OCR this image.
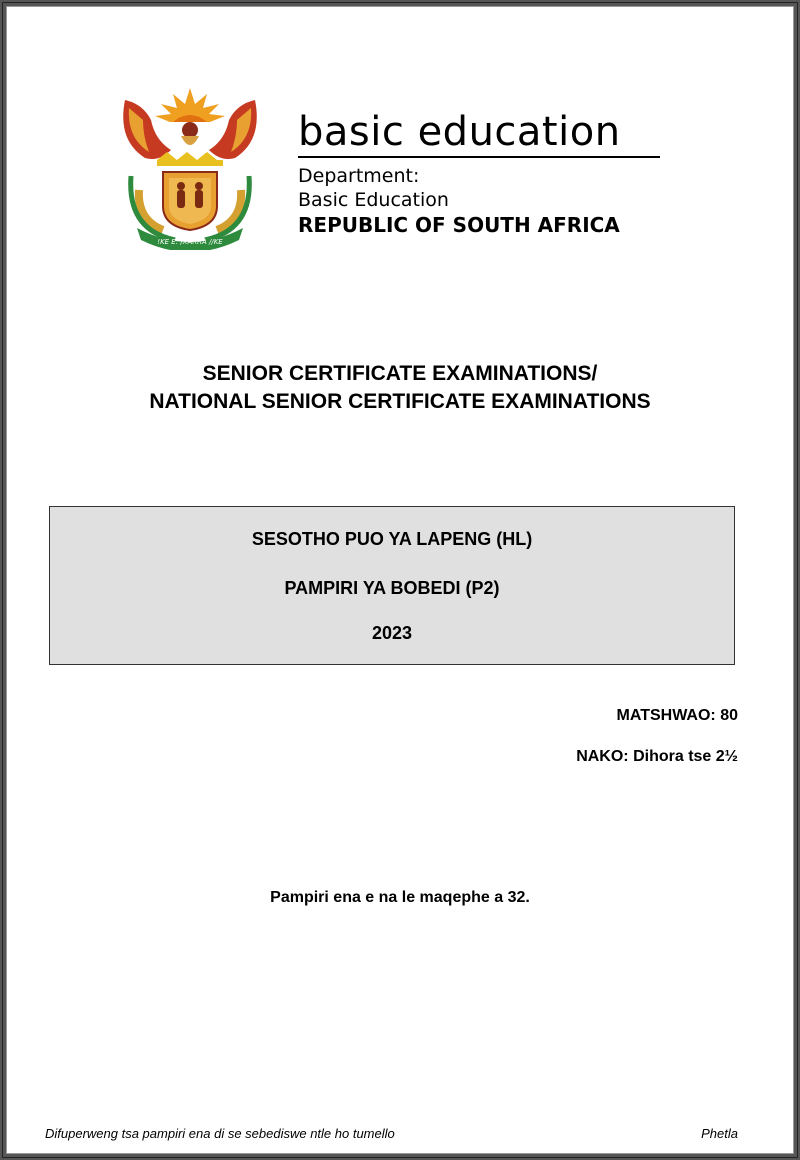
!KE E: /XARRA //KE
basic education
Department:
Basic Education
REPUBLIC OF SOUTH AFRICA
SENIOR CERTIFICATE EXAMINATIONS/
NATIONAL SENIOR CERTIFICATE EXAMINATIONS
SESOTHO PUO YA LAPENG (HL)
PAMPIRI YA BOBEDI (P2)
2023
MATSHWAO: 80
NAKO: Dihora tse 2½
Pampiri ena e na le maqephe a 32.
Difuperweng tsa pampiri ena di se sebediswe ntle ho tumello	Phetla
